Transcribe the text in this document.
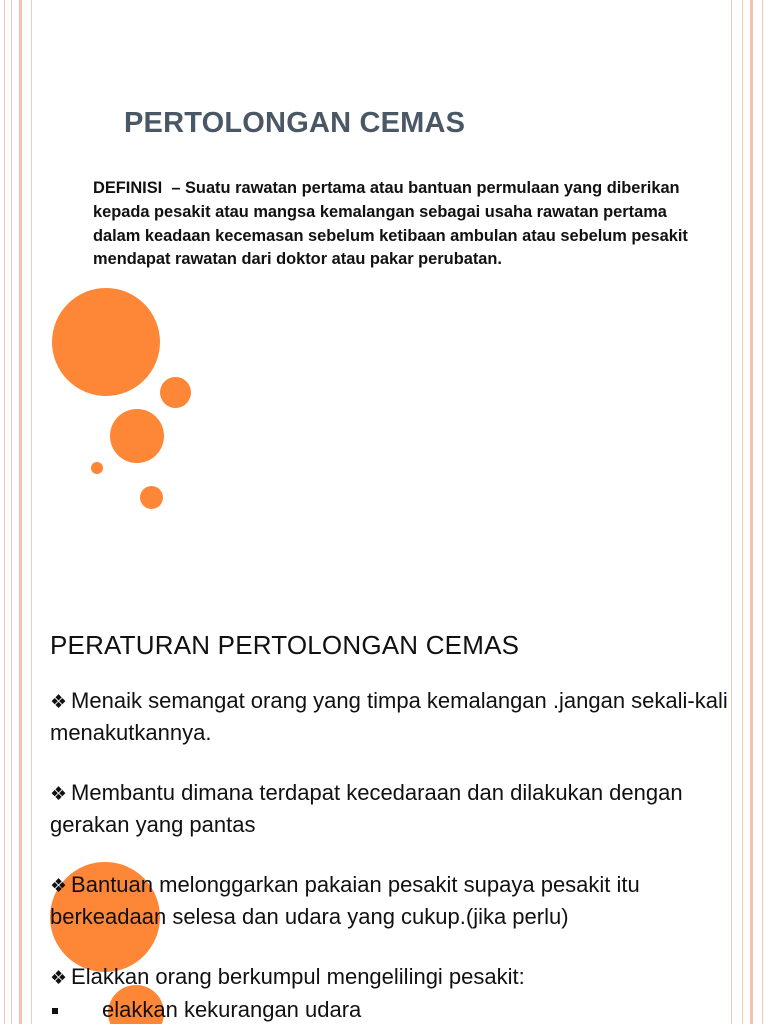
PERTOLONGAN CEMAS

DEFINISI  – Suatu rawatan pertama atau bantuan permulaan yang diberikan kepada pesakit atau mangsa kemalangan sebagai usaha rawatan pertama  dalam keadaan kecemasan sebelum ketibaan ambulan atau sebelum pesakit mendapat rawatan dari doktor atau pakar perubatan.

PERATURAN PERTOLONGAN CEMAS
❖ Menaik semangat orang yang timpa kemalangan .jangan sekali-kali menakutkannya.
❖ Membantu dimana terdapat kecedaraan dan dilakukan dengan gerakan yang pantas
❖ Bantuan melonggarkan pakaian pesakit supaya pesakit itu berkeadaan selesa dan udara yang cukup.(jika perlu)
❖ Elakkan orang berkumpul mengelilingi pesakit:
elakkan kekurangan udara
